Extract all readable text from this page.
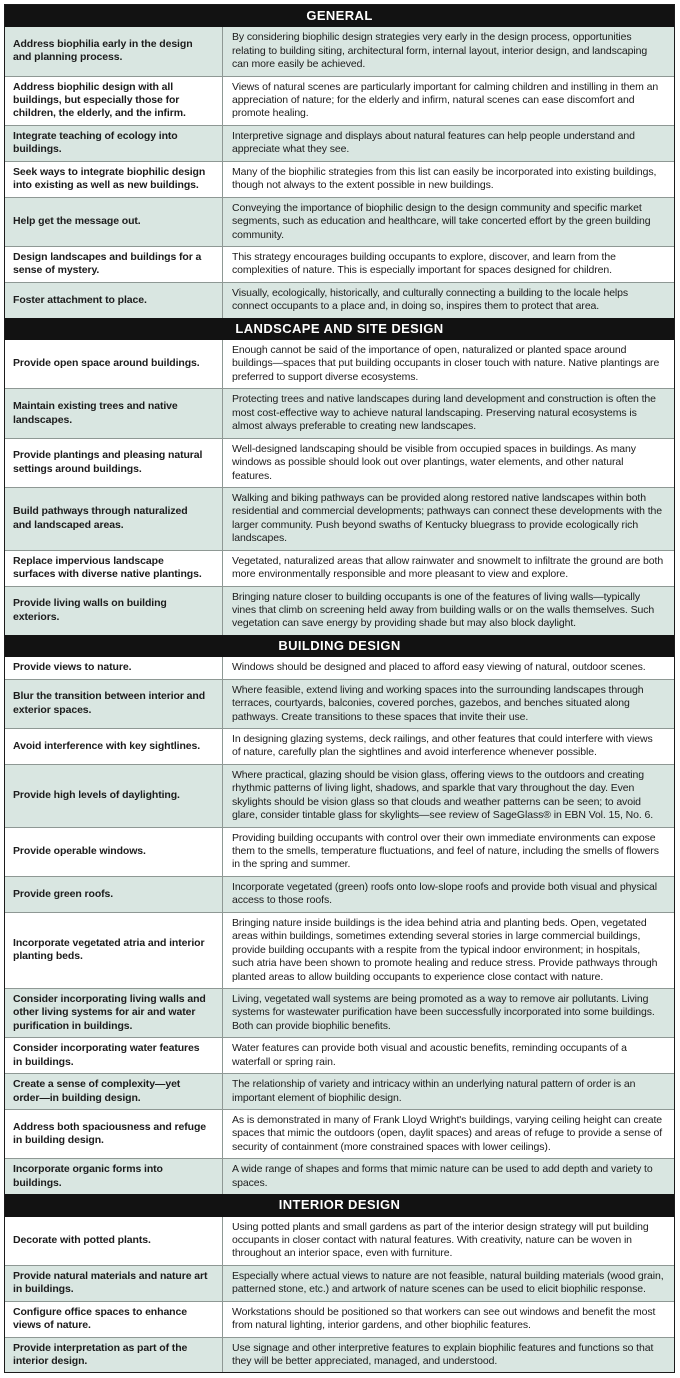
GENERAL
Address biophilia early in the design and planning process.
By considering biophilic design strategies very early in the design process, opportunities relating to building siting, architectural form, internal layout, interior design, and landscaping can more easily be achieved.
Address biophilic design with all buildings, but especially those for children, the elderly, and the infirm.
Views of natural scenes are particularly important for calming children and instilling in them an appreciation of nature; for the elderly and infirm, natural scenes can ease discomfort and promote healing.
Integrate teaching of ecology into buildings.
Interpretive signage and displays about natural features can help people understand and appreciate what they see.
Seek ways to integrate biophilic design into existing as well as new buildings.
Many of the biophilic strategies from this list can easily be incorporated into existing buildings, though not always to the extent possible in new buildings.
Help get the message out.
Conveying the importance of biophilic design to the design community and specific market segments, such as education and healthcare, will take concerted effort by the green building community.
Design landscapes and buildings for a sense of mystery.
This strategy encourages building occupants to explore, discover, and learn from the complexities of nature. This is especially important for spaces designed for children.
Foster attachment to place.
Visually, ecologically, historically, and culturally connecting a building to the locale helps connect occupants to a place and, in doing so, inspires them to protect that area.
LANDSCAPE AND SITE DESIGN
Provide open space around buildings.
Enough cannot be said of the importance of open, naturalized or planted space around buildings—spaces that put building occupants in closer touch with nature. Native plantings are preferred to support diverse ecosystems.
Maintain existing trees and native landscapes.
Protecting trees and native landscapes during land development and construction is often the most cost-effective way to achieve natural landscaping. Preserving natural ecosystems is almost always preferable to creating new landscapes.
Provide plantings and pleasing natural settings around buildings.
Well-designed landscaping should be visible from occupied spaces in buildings. As many windows as possible should look out over plantings, water elements, and other natural features.
Build pathways through naturalized and landscaped areas.
Walking and biking pathways can be provided along restored native landscapes within both residential and commercial developments; pathways can connect these developments with the larger community. Push beyond swaths of Kentucky bluegrass to provide ecologically rich landscapes.
Replace impervious landscape surfaces with diverse native plantings.
Vegetated, naturalized areas that allow rainwater and snowmelt to infiltrate the ground are both more environmentally responsible and more pleasant to view and explore.
Provide living walls on building exteriors.
Bringing nature closer to building occupants is one of the features of living walls—typically vines that climb on screening held away from building walls or on the walls themselves. Such vegetation can save energy by providing shade but may also block daylight.
BUILDING DESIGN
Provide views to nature.	Windows should be designed and placed to afford easy viewing of natural, outdoor scenes.
Blur the transition between interior and exterior spaces.
Where feasible, extend living and working spaces into the surrounding landscapes through terraces, courtyards, balconies, covered porches, gazebos, and benches situated along pathways. Create transitions to these spaces that invite their use.
Avoid interference with key sightlines.
In designing glazing systems, deck railings, and other features that could interfere with views of nature, carefully plan the sightlines and avoid interference whenever possible.
Provide high levels of daylighting.
Where practical, glazing should be vision glass, offering views to the outdoors and creating rhythmic patterns of living light, shadows, and sparkle that vary throughout the day. Even skylights should be vision glass so that clouds and weather patterns can be seen; to avoid glare, consider tintable glass for skylights—see review of SageGlass® in EBN Vol. 15, No. 6.
Provide operable windows.
Providing building occupants with control over their own immediate environments can expose them to the smells, temperature fluctuations, and feel of nature, including the smells of flowers in the spring and summer.
Provide green roofs.
Incorporate vegetated (green) roofs onto low-slope roofs and provide both visual and physical access to those roofs.
Incorporate vegetated atria and interior planting beds.
Bringing nature inside buildings is the idea behind atria and planting beds. Open, vegetated areas within buildings, sometimes extending several stories in large commercial buildings, provide building occupants with a respite from the typical indoor environment; in hospitals, such atria have been shown to promote healing and reduce stress. Provide pathways through planted areas to allow building occupants to experience close contact with nature.
Consider incorporating living walls and other living systems for air and water purification in buildings.
Living, vegetated wall systems are being promoted as a way to remove air pollutants. Living systems for wastewater purification have been successfully incorporated into some buildings. Both can provide biophilic benefits.
Consider incorporating water features in buildings.
Water features can provide both visual and acoustic benefits, reminding occupants of a waterfall or spring rain.
Create a sense of complexity—yet order—in building design.
The relationship of variety and intricacy within an underlying natural pattern of order is an important element of biophilic design.
Address both spaciousness and refuge in building design.
As is demonstrated in many of Frank Lloyd Wright's buildings, varying ceiling height can create spaces that mimic the outdoors (open, daylit spaces) and areas of refuge to provide a sense of security of containment (more constrained spaces with lower ceilings).
Incorporate organic forms into buildings.
A wide range of shapes and forms that mimic nature can be used to add depth and variety to spaces.
INTERIOR DESIGN
Decorate with potted plants.
Using potted plants and small gardens as part of the interior design strategy will put building occupants in closer contact with natural features. With creativity, nature can be woven in throughout an interior space, even with furniture.
Provide natural materials and nature art in buildings.
Especially where actual views to nature are not feasible, natural building materials (wood grain, patterned stone, etc.) and artwork of nature scenes can be used to elicit biophilic response.
Configure office spaces to enhance views of nature.
Workstations should be positioned so that workers can see out windows and benefit the most from natural lighting, interior gardens, and other biophilic features.
Provide interpretation as part of the interior design.
Use signage and other interpretive features to explain biophilic features and functions so that they will be better appreciated, managed, and understood.
